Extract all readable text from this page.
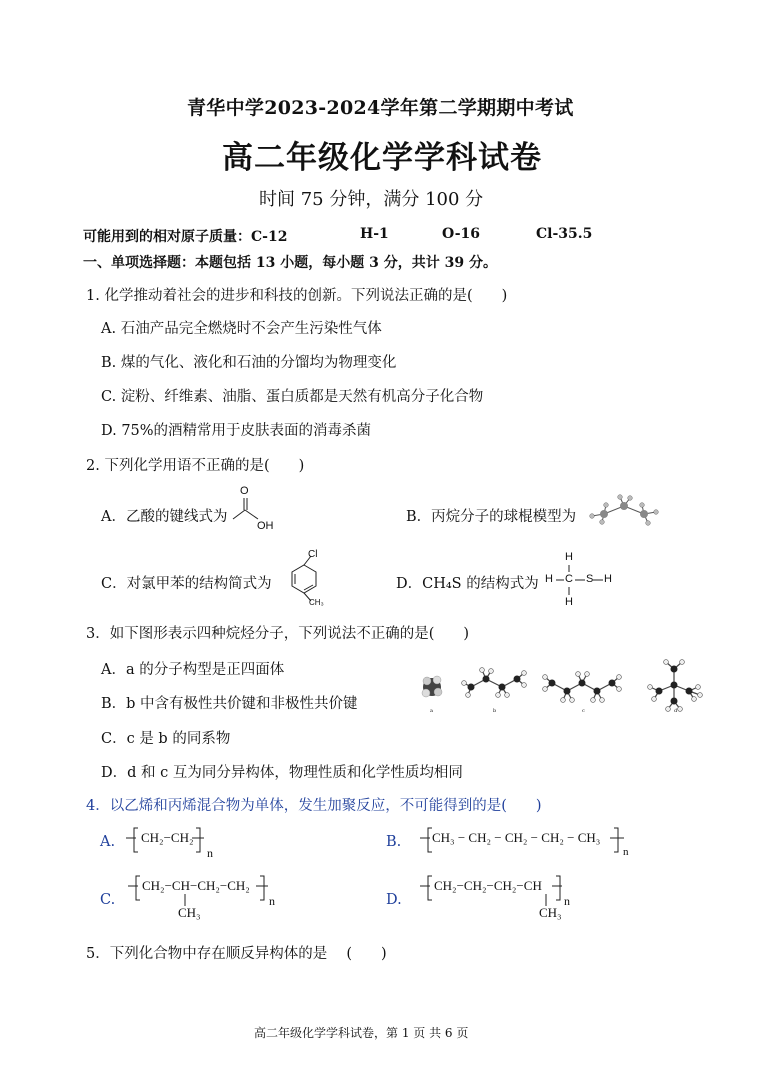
青华中学2023-2024学年第二学期期中考试
高二年级化学学科试卷
时间 75 分钟，满分 100 分
可能用到的相对原子质量：C-12	H-1	O-16	Cl-35.5
一、单项选择题：本题包括 13 小题，每小题 3 分，共计 39 分。
1. 化学推动着社会的进步和科技的创新。下列说法正确的是(　　)
A. 石油产品完全燃烧时不会产生污染性气体
B. 煤的气化、液化和石油的分馏均为物理变化
C. 淀粉、纤维素、油脂、蛋白质都是天然有机高分子化合物
D. 75%的酒精常用于皮肤表面的消毒杀菌
2. 下列化学用语不正确的是(　　)
A．乙酸的键线式为
O
OH
B．丙烷分子的球棍模型为
C．对氯甲苯的结构简式为
Cl
CH₃
D．CH₄S 的结构式为
H
H C S H
H
3．如下图形表示四种烷烃分子，下列说法不正确的是(　　)
A．a 的分子构型是正四面体
B．b 中含有极性共价键和非极性共价键
C．c 是 b 的同系物
D．d 和 c 互为同分异构体，物理性质和化学性质均相同
a	b	c	d
4．以乙烯和丙烯混合物为单体，发生加聚反应，不可能得到的是(　　)
A. CH₂−CH₂
n
B. CH₃ − CH₂ − CH₂ − CH₂ − CH₃
n
C.
CH₂−CH−CH₂−CH₂
CH₃
n	D.
CH₂−CH₂−CH₂−CH
CH₃
n
5．下列化合物中存在顺反异构体的是　 (　　)
高二年级化学学科试卷，第 1 页 共 6 页
